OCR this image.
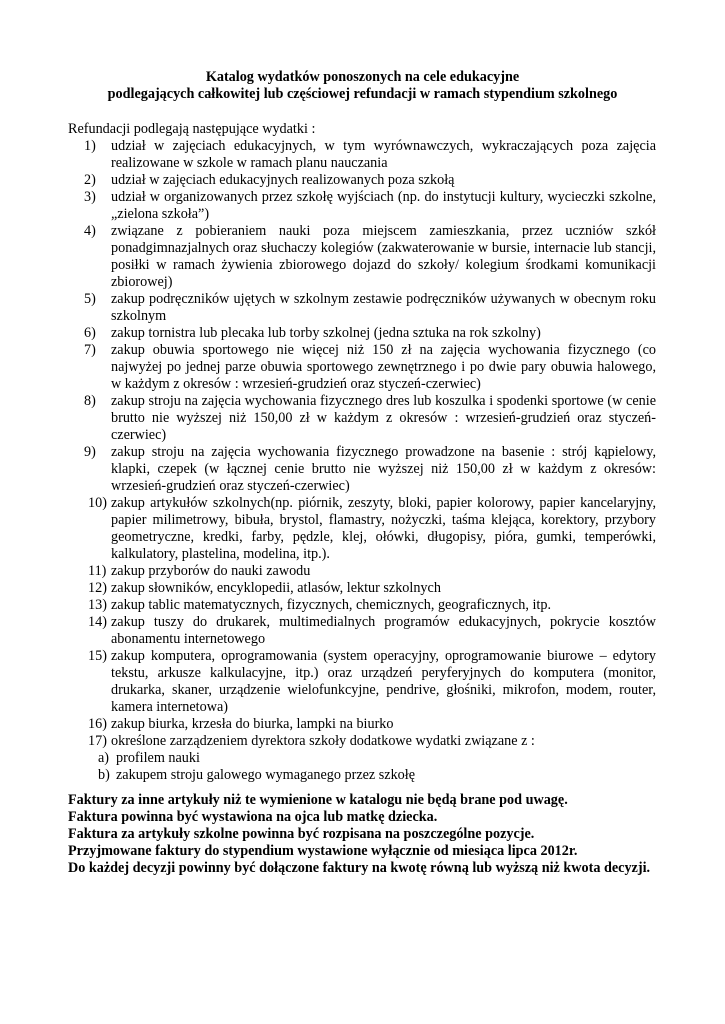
Katalog wydatków ponoszonych na cele edukacyjne
podlegających całkowitej lub częściowej refundacji w ramach stypendium szkolnego
Refundacji podlegają następujące wydatki :
1) udział w zajęciach edukacyjnych, w tym wyrównawczych, wykraczających poza zajęcia realizowane w szkole w ramach planu nauczania
2) udział w zajęciach edukacyjnych realizowanych poza szkołą
3) udział w organizowanych przez szkołę wyjściach (np. do instytucji kultury, wycieczki szkolne, „zielona szkoła”)
4) związane z pobieraniem nauki poza miejscem zamieszkania, przez uczniów szkół ponadgimnazjalnych oraz słuchaczy kolegiów (zakwaterowanie w bursie, internacie lub stancji, posiłki w ramach żywienia zbiorowego dojazd do szkoły/ kolegium środkami komunikacji zbiorowej)
5) zakup podręczników ujętych w szkolnym zestawie podręczników używanych w obecnym roku szkolnym
6) zakup tornistra lub plecaka lub torby szkolnej (jedna sztuka na rok szkolny)
7) zakup obuwia sportowego nie więcej niż 150 zł na zajęcia wychowania fizycznego (co najwyżej po jednej parze obuwia sportowego zewnętrznego i po dwie pary obuwia halowego, w każdym z okresów : wrzesień-grudzień oraz styczeń-czerwiec)
8) zakup stroju na zajęcia wychowania fizycznego dres lub koszulka i spodenki sportowe (w cenie brutto nie wyższej niż 150,00 zł w każdym z okresów : wrzesień-grudzień oraz styczeń-czerwiec)
9) zakup stroju na zajęcia wychowania fizycznego prowadzone na basenie : strój kąpielowy, klapki, czepek (w łącznej cenie brutto nie wyższej niż 150,00 zł w każdym z okresów: wrzesień-grudzień oraz styczeń-czerwiec)
10) zakup artykułów szkolnych(np. piórnik, zeszyty, bloki, papier kolorowy, papier kancelaryjny, papier milimetrowy, bibuła, brystol, flamastry, nożyczki, taśma klejąca, korektory, przybory geometryczne, kredki, farby, pędzle, klej, ołówki, długopisy, pióra, gumki, temperówki, kalkulatory, plastelina, modelina, itp.).
11) zakup przyborów do nauki zawodu
12) zakup słowników, encyklopedii, atlasów, lektur szkolnych
13) zakup tablic matematycznych, fizycznych, chemicznych, geograficznych, itp.
14) zakup tuszy do drukarek, multimedialnych programów edukacyjnych, pokrycie kosztów abonamentu internetowego
15) zakup komputera, oprogramowania (system operacyjny, oprogramowanie biurowe – edytory tekstu, arkusze kalkulacyjne, itp.) oraz urządzeń peryferyjnych do komputera (monitor, drukarka, skaner, urządzenie wielofunkcyjne, pendrive, głośniki, mikrofon, modem, router, kamera internetowa)
16) zakup biurka, krzesła do biurka, lampki na biurko
17) określone zarządzeniem dyrektora szkoły dodatkowe wydatki związane z :
a) profilem nauki
b) zakupem stroju galowego wymaganego przez szkołę
Faktury za inne artykuły niż te wymienione w katalogu nie będą brane pod uwagę.
Faktura powinna być wystawiona na ojca lub matkę dziecka.
Faktura za artykuły szkolne powinna być rozpisana na poszczególne pozycje.
Przyjmowane faktury do stypendium wystawione wyłącznie od miesiąca lipca 2012r.
Do każdej decyzji powinny być dołączone faktury na kwotę równą lub wyższą niż kwota decyzji.
